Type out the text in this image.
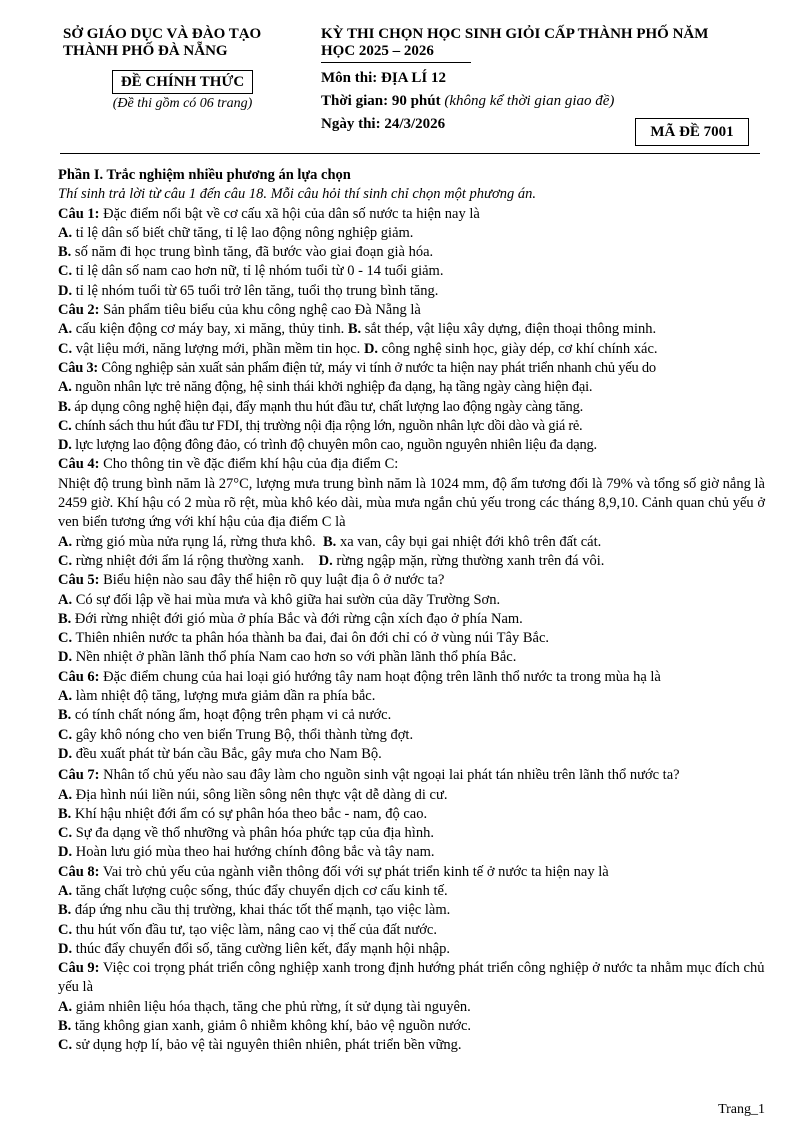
SỞ GIÁO DỤC VÀ ĐÀO TẠO
THÀNH PHỐ ĐÀ NẴNG
ĐỀ CHÍNH THỨC
(Đề thi gồm có 06 trang)
KỲ THI CHỌN HỌC SINH GIỎI CẤP THÀNH PHỐ NĂM
HỌC 2025 – 2026
Môn thi: ĐỊA LÍ 12
Thời gian: 90 phút (không kể thời gian giao đề)
Ngày thi: 24/3/2026	MÃ ĐỀ 7001

Phần I. Trắc nghiệm nhiều phương án lựa chọn

Thí sinh trả lời từ câu 1 đến câu 18. Mỗi câu hỏi thí sinh chỉ chọn một phương án.

Câu 1: Đặc điểm nổi bật về cơ cấu xã hội của dân số nước ta hiện nay là

A. tỉ lệ dân số biết chữ tăng, tỉ lệ lao động nông nghiệp giảm.

B. số năm đi học trung bình tăng, đã bước vào giai đoạn già hóa.

C. tỉ lệ dân số nam cao hơn nữ, tỉ lệ nhóm tuổi từ 0 - 14 tuổi giảm.

D. tỉ lệ nhóm tuổi từ 65 tuổi trở lên tăng, tuổi thọ trung bình tăng.

Câu 2: Sản phẩm tiêu biểu của khu công nghệ cao Đà Nẵng là

A. cấu kiện động cơ máy bay, xi măng, thủy tinh. B. sắt thép, vật liệu xây dựng, điện thoại thông minh.

C. vật liệu mới, năng lượng mới, phần mềm tin học. D. công nghệ sinh học, giày dép, cơ khí chính xác.

Câu 3: Công nghiệp sản xuất sản phẩm điện tử, máy vi tính ở nước ta hiện nay phát triển nhanh chủ yếu do

A. nguồn nhân lực trẻ năng động, hệ sinh thái khởi nghiệp đa dạng, hạ tầng ngày càng hiện đại.

B. áp dụng công nghệ hiện đại, đẩy mạnh thu hút đầu tư, chất lượng lao động ngày càng tăng.

C. chính sách thu hút đầu tư FDI, thị trường nội địa rộng lớn, nguồn nhân lực dồi dào và giá rẻ.

D. lực lượng lao động đông đảo, có trình độ chuyên môn cao, nguồn nguyên nhiên liệu đa dạng.

Câu 4: Cho thông tin về đặc điểm khí hậu của địa điểm C:

Nhiệt độ trung bình năm là 27°C, lượng mưa trung bình năm là 1024 mm, độ ẩm tương đối là 79% và tổng số giờ nắng là 2459 giờ. Khí hậu có 2 mùa rõ rệt, mùa khô kéo dài, mùa mưa ngắn chủ yếu trong các tháng 8,9,10. Cảnh quan chủ yếu ở ven biển tương ứng với khí hậu của địa điểm C là

A. rừng gió mùa nửa rụng lá, rừng thưa khô. B. xa van, cây bụi gai nhiệt đới khô trên đất cát.

C. rừng nhiệt đới ẩm lá rộng thường xanh. D. rừng ngập mặn, rừng thường xanh trên đá vôi.

Câu 5: Biểu hiện nào sau đây thể hiện rõ quy luật địa ô ở nước ta?

A. Có sự đối lập về hai mùa mưa và khô giữa hai sườn của dãy Trường Sơn.

B. Đới rừng nhiệt đới gió mùa ở phía Bắc và đới rừng cận xích đạo ở phía Nam.

C. Thiên nhiên nước ta phân hóa thành ba đai, đai ôn đới chỉ có ở vùng núi Tây Bắc.

D. Nền nhiệt ở phần lãnh thổ phía Nam cao hơn so với phần lãnh thổ phía Bắc.

Câu 6: Đặc điểm chung của hai loại gió hướng tây nam hoạt động trên lãnh thổ nước ta trong mùa hạ là

A. làm nhiệt độ tăng, lượng mưa giảm dần ra phía bắc.

B. có tính chất nóng ẩm, hoạt động trên phạm vi cả nước.

C. gây khô nóng cho ven biển Trung Bộ, thổi thành từng đợt.

D. đều xuất phát từ bán cầu Bắc, gây mưa cho Nam Bộ.

Câu 7: Nhân tố chủ yếu nào sau đây làm cho nguồn sinh vật ngoại lai phát tán nhiều trên lãnh thổ nước ta?

A. Địa hình núi liền núi, sông liền sông nên thực vật dễ dàng di cư.

B. Khí hậu nhiệt đới ẩm có sự phân hóa theo bắc - nam, độ cao.

C. Sự đa dạng về thổ nhưỡng và phân hóa phức tạp của địa hình.

D. Hoàn lưu gió mùa theo hai hướng chính đông bắc và tây nam.

Câu 8: Vai trò chủ yếu của ngành viễn thông đối với sự phát triển kinh tế ở nước ta hiện nay là

A. tăng chất lượng cuộc sống, thúc đẩy chuyển dịch cơ cấu kinh tế.

B. đáp ứng nhu cầu thị trường, khai thác tốt thế mạnh, tạo việc làm.

C. thu hút vốn đầu tư, tạo việc làm, nâng cao vị thế của đất nước.

D. thúc đẩy chuyển đổi số, tăng cường liên kết, đẩy mạnh hội nhập.

Câu 9: Việc coi trọng phát triển công nghiệp xanh trong định hướng phát triển công nghiệp ở nước ta nhằm mục đích chủ yếu là

A. giảm nhiên liệu hóa thạch, tăng che phủ rừng, ít sử dụng tài nguyên.

B. tăng không gian xanh, giảm ô nhiễm không khí, bảo vệ nguồn nước.

C. sử dụng hợp lí, bảo vệ tài nguyên thiên nhiên, phát triển bền vững.

Trang_1
